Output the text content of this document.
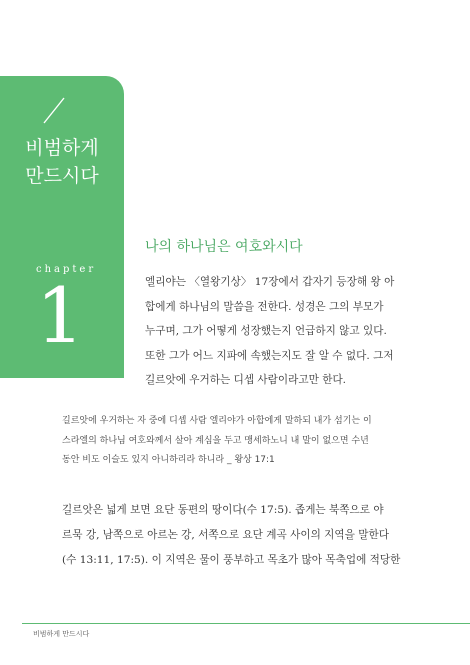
비범하게
만드시다
chapter
1
나의 하나님은 여호와시다
엘리야는 〈열왕기상〉 17장에서 갑자기 등장해 왕 아
합에게 하나님의 말씀을 전한다. 성경은 그의 부모가
누구며, 그가 어떻게 성장했는지 언급하지 않고 있다.
또한 그가 어느 지파에 속했는지도 잘 알 수 없다. 그저
길르앗에 우거하는 디셉 사람이라고만 한다.
길르앗에 우거하는 자 중에 디셉 사람 엘리야가 아합에게 말하되 내가 섬기는 이
스라엘의 하나님 여호와께서 살아 계심을 두고 맹세하노니 내 말이 없으면 수년
동안 비도 이슬도 있지 아니하리라 하니라 _ 왕상 17:1
길르앗은 넓게 보면 요단 동편의 땅이다(수 17:5). 좁게는 북쪽으로 야
르묵 강, 남쪽으로 아르논 강, 서쪽으로 요단 계곡 사이의 지역을 말한다
(수 13:11, 17:5). 이 지역은 물이 풍부하고 목초가 많아 목축업에 적당한
비범하게 만드시다
